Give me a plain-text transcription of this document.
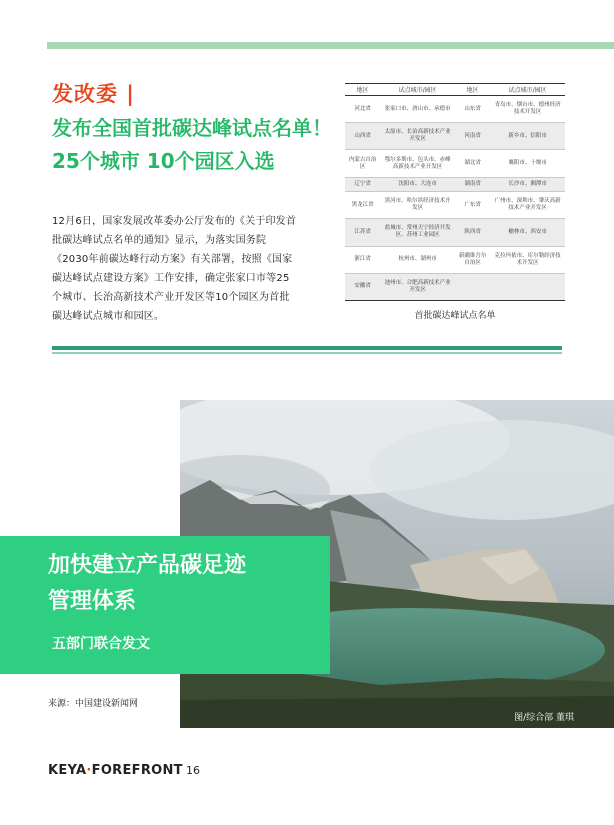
发改委 |
发布全国首批碳达峰试点名单！
25个城市 10个园区入选
12月6日，国家发展改革委办公厅发布的《关于印发首批碳达峰试点名单的通知》显示，为落实国务院《2030年前碳达峰行动方案》有关部署，按照《国家碳达峰试点建设方案》工作安排，确定张家口市等25个城市、长治高新技术产业开发区等10个园区为首批碳达峰试点城市和园区。
地区	试点城市/园区	地区	试点城市/园区
河北省	张家口市、唐山市、承德市	山东省	青岛市、烟台市、德州经济技术开发区
山西省	太原市、长治高新技术产业开发区	河南省	新乡市、信阳市
内蒙古自治区	鄂尔多斯市、包头市、赤峰高新技术产业开发区	湖北省	襄阳市、十堰市
辽宁省	沈阳市、大连市	湖南省	长沙市、湘潭市
黑龙江省	黑河市、哈尔滨经济技术开发区	广东省	广州市、深圳市、肇庆高新技术产业开发区
江苏省	盐城市、常州天宁经济开发区、苏州工业园区	陕西省	榆林市、西安市
浙江省	杭州市、湖州市	新疆维吾尔自治区	克拉玛依市、库尔勒经济技术开发区
安徽省	池州市、合肥高新技术产业开发区		
首批碳达峰试点名单
图/综合部 董琪
加快建立产品碳足迹
管理体系
五部门联合发文
来源：中国建设新闻网
KEYA·FOREFRONT 16
